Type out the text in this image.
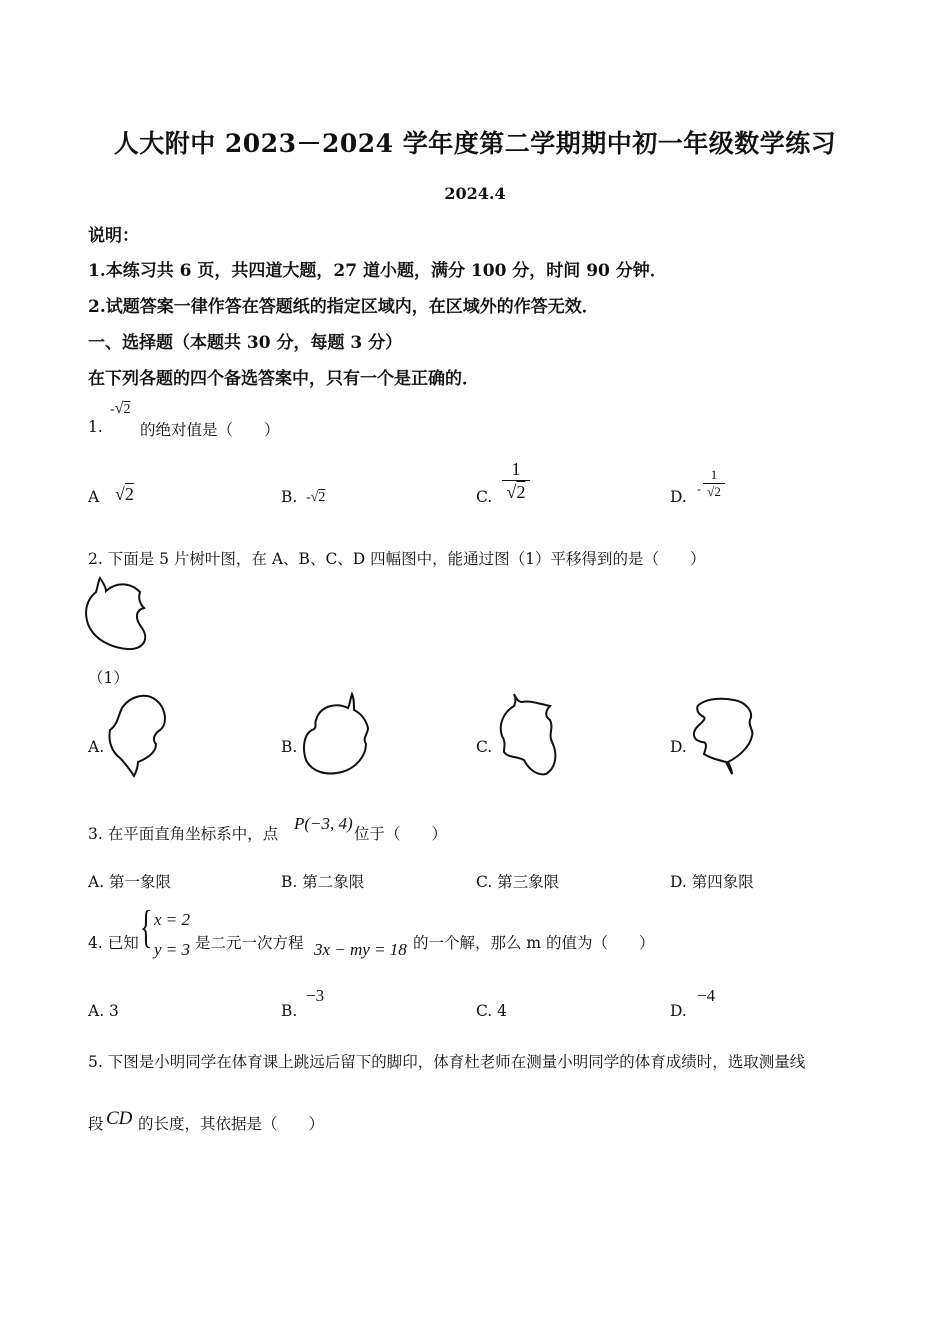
人大附中 2023－2024 学年度第二学期期中初一年级数学练习
2024.4
说明：
1.本练习共 6 页，共四道大题，27 道小题，满分 100 分，时间 90 分钟．
2.试题答案一律作答在答题纸的指定区域内，在区域外的作答无效．
一、选择题（本题共 30 分，每题 3 分）
在下列各题的四个备选答案中，只有一个是正确的．
1.
-√2
的绝对值是（　　）
A √2	B. -√2	C.
1
√2	D. -
1
√2
2. 下面是 5 片树叶图，在 A、B、C、D 四幅图中，能通过图（1）平移得到的是（　　）
（1）
A.	B.	C.	D.
3. 在平面直角坐标系中，点
P(−3, 4)
位于（　　）
A. 第一象限	B. 第二象限	C. 第三象限	D. 第四象限
4. 已知 { x = 2
y = 3 是二元一次方程 3x − my = 18 的一个解，那么 m 的值为（　　）
A. 3	B.
−3
C. 4	D.
−4
5. 下图是小明同学在体育课上跳远后留下的脚印，体育杜老师在测量小明同学的体育成绩时，选取测量线
段 CD 的长度，其依据是（　　）
